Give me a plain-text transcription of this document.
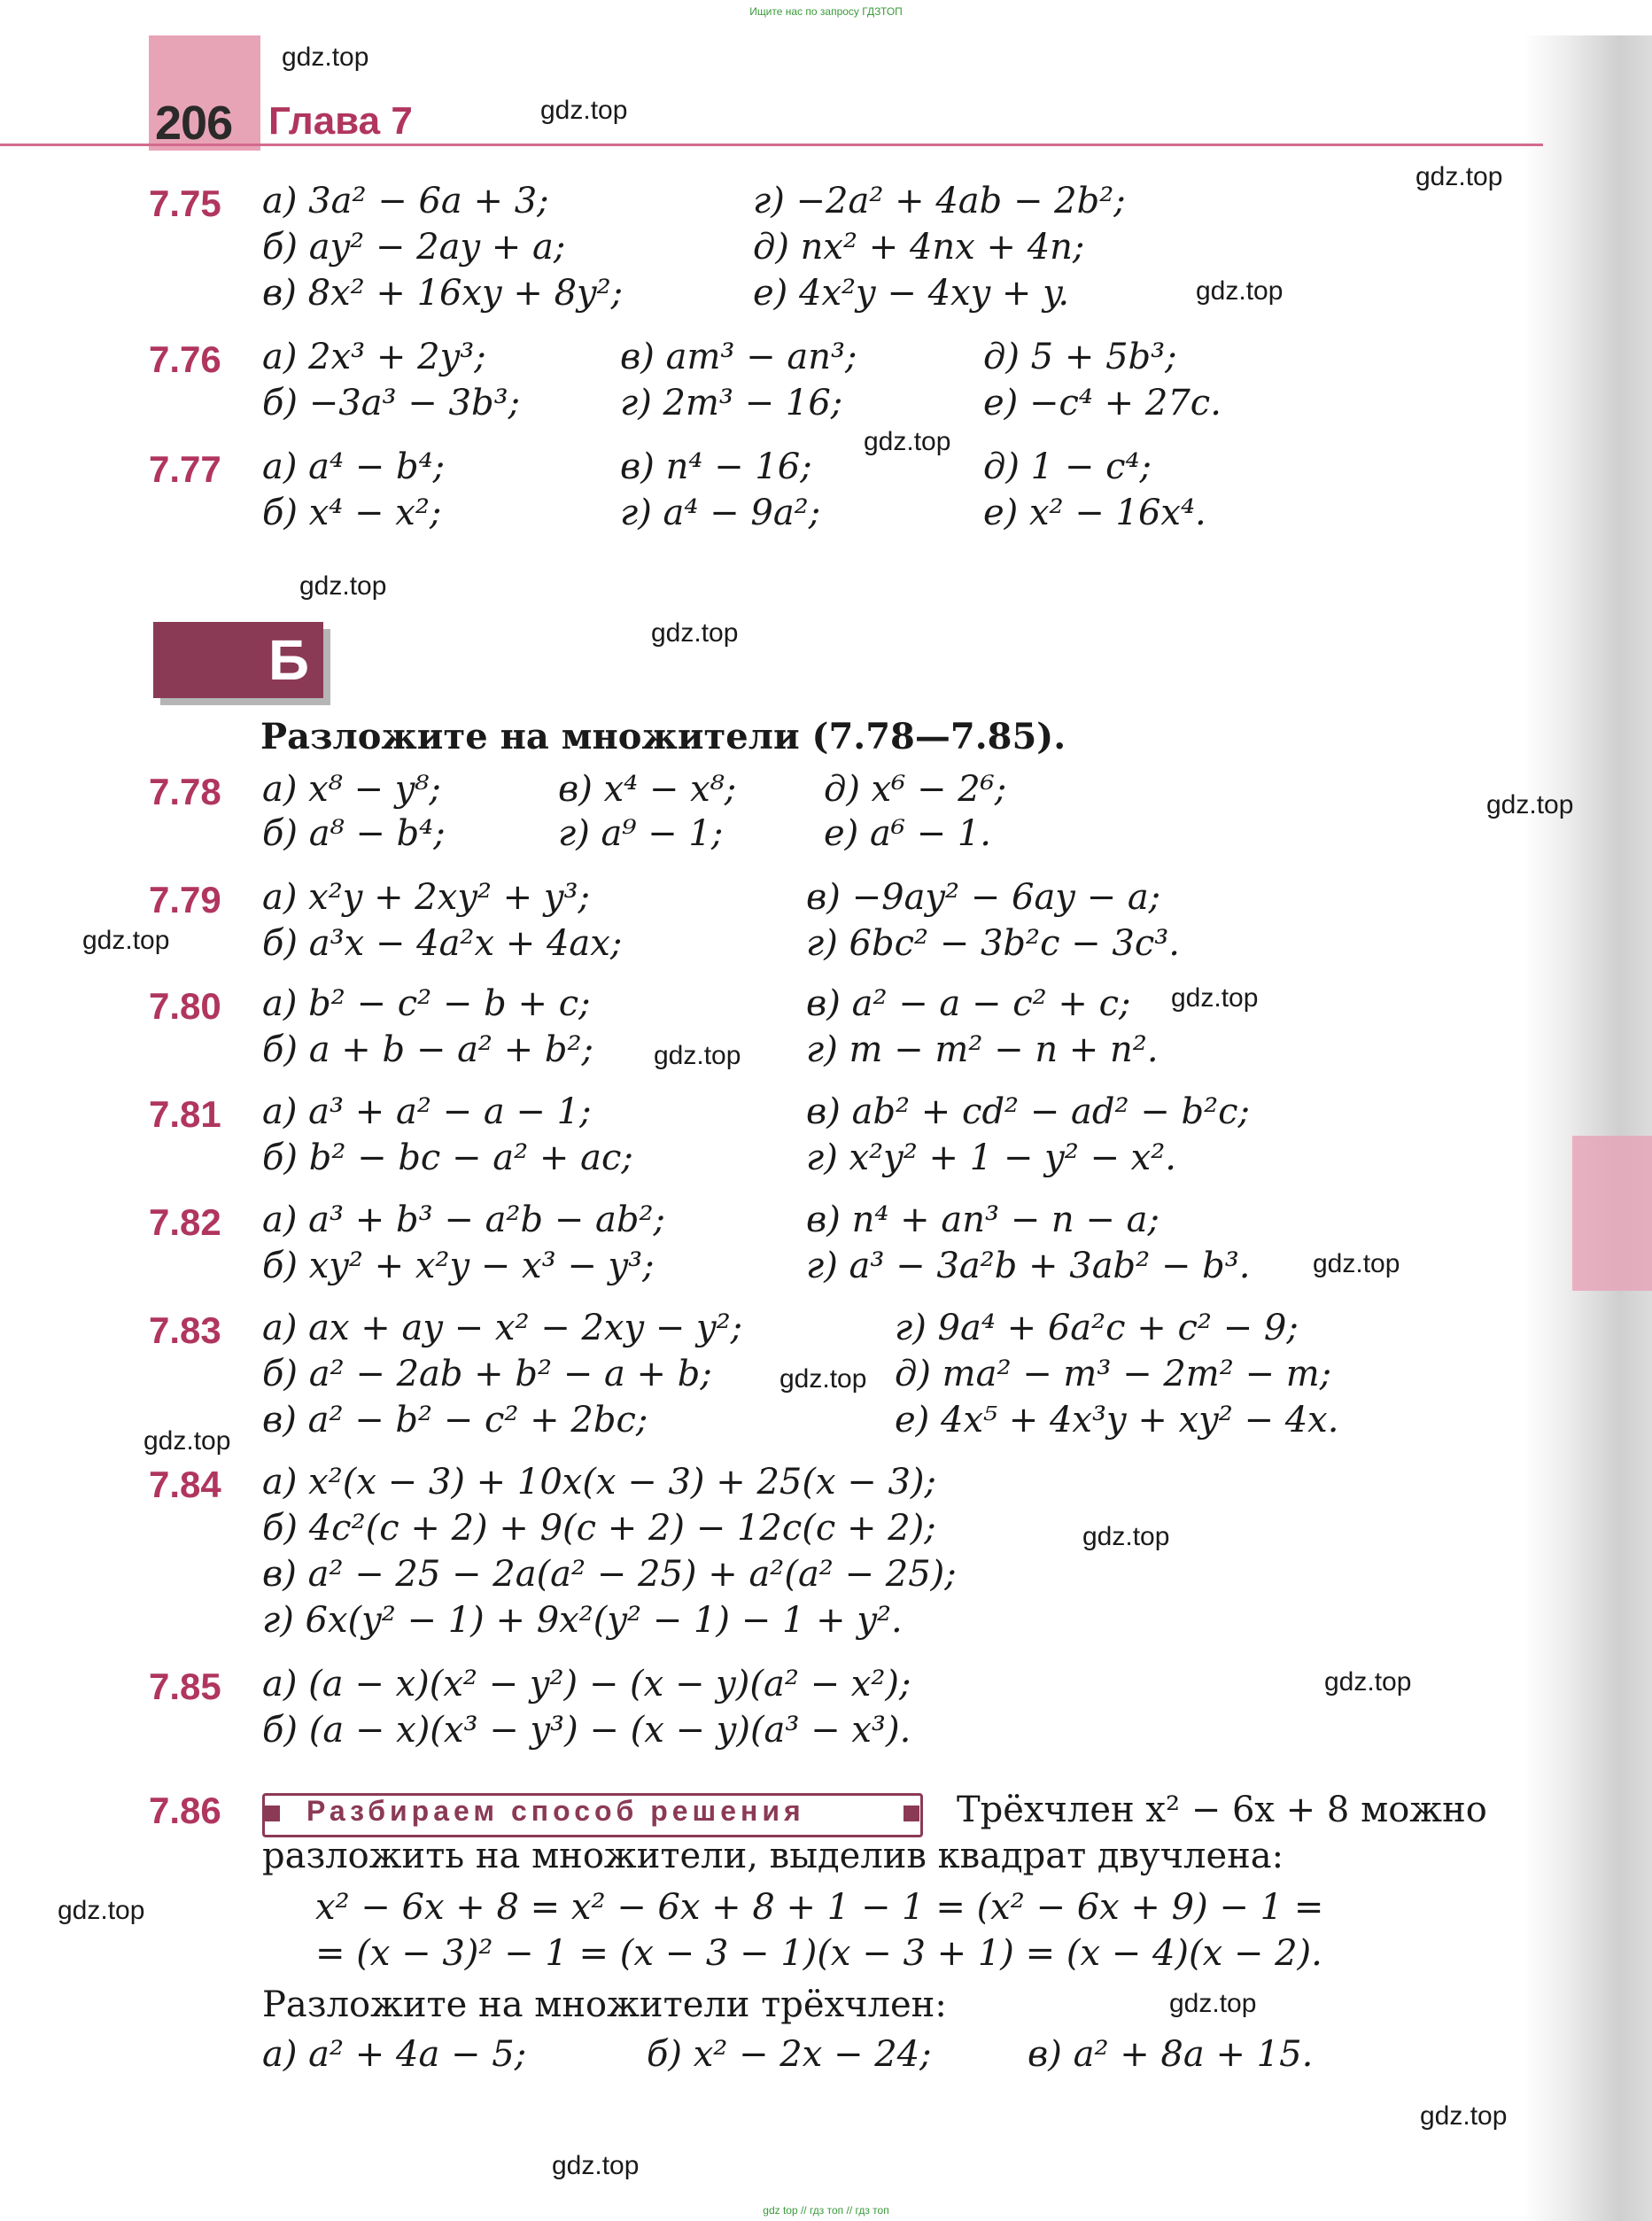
Ищите нас по запросу ГДЗТОП
206 Глава 7
gdz.top
gdz.top
gdz.top
gdz.top
gdz.top
gdz.top
gdz.top
gdz.top
gdz.top
gdz.top
gdz.top
gdz.top
gdz.top
gdz.top
gdz.top
gdz.top
gdz.top
gdz.top
gdz.top
gdz.top
7.75 а) 3a² − 6a + 3;
б) ay² − 2ay + a;
в) 8x² + 16xy + 8y²;
г) −2a² + 4ab − 2b²;
д) nx² + 4nx + 4n;
е) 4x²y − 4xy + y.
7.76 а) 2x³ + 2y³;
б) −3a³ − 3b³;
в) am³ − an³;
г) 2m³ − 16;
д) 5 + 5b³;
е) −c⁴ + 27c.
7.77 а) a⁴ − b⁴;
б) x⁴ − x²;
в) n⁴ − 16;
г) a⁴ − 9a²;
д) 1 − c⁴;
е) x² − 16x⁴.
Б
Разложите на множители (7.78—7.85).
7.78 а) x⁸ − y⁸;
б) a⁸ − b⁴;
в) x⁴ − x⁸;
г) a⁹ − 1;
д) x⁶ − 2⁶;
е) a⁶ − 1.
7.79 а) x²y + 2xy² + y³;
б) a³x − 4a²x + 4ax;
в) −9ay² − 6ay − a;
г) 6bc² − 3b²c − 3c³.
7.80 а) b² − c² − b + c;
б) a + b − a² + b²;
в) a² − a − c² + c;
г) m − m² − n + n².
7.81 а) a³ + a² − a − 1;
б) b² − bc − a² + ac;
в) ab² + cd² − ad² − b²c;
г) x²y² + 1 − y² − x².
7.82 а) a³ + b³ − a²b − ab²;
б) xy² + x²y − x³ − y³;
в) n⁴ + an³ − n − a;
г) a³ − 3a²b + 3ab² − b³.
7.83 а) ax + ay − x² − 2xy − y²;
б) a² − 2ab + b² − a + b;
в) a² − b² − c² + 2bc;
г) 9a⁴ + 6a²c + c² − 9;
д) ma² − m³ − 2m² − m;
е) 4x⁵ + 4x³y + xy² − 4x.
7.84 а) x²(x − 3) + 10x(x − 3) + 25(x − 3);
б) 4c²(c + 2) + 9(c + 2) − 12c(c + 2);
в) a² − 25 − 2a(a² − 25) + a²(a² − 25);
г) 6x(y² − 1) + 9x²(y² − 1) − 1 + y².
7.85 а) (a − x)(x² − y²) − (x − y)(a² − x²);
б) (a − x)(x³ − y³) − (x − y)(a³ − x³).
7.86	Разбираем способ решения	Трёхчлен x² − 6x + 8 можно
разложить на множители, выделив квадрат двучлена:
x² − 6x + 8 = x² − 6x + 8 + 1 − 1 = (x² − 6x + 9) − 1 =
= (x − 3)² − 1 = (x − 3 − 1)(x − 3 + 1) = (x − 4)(x − 2).
Разложите на множители трёхчлен:
а) a² + 4a − 5;	б) x² − 2x − 24;	в) a² + 8a + 15.
gdz top // гдз топ // гдз топ
